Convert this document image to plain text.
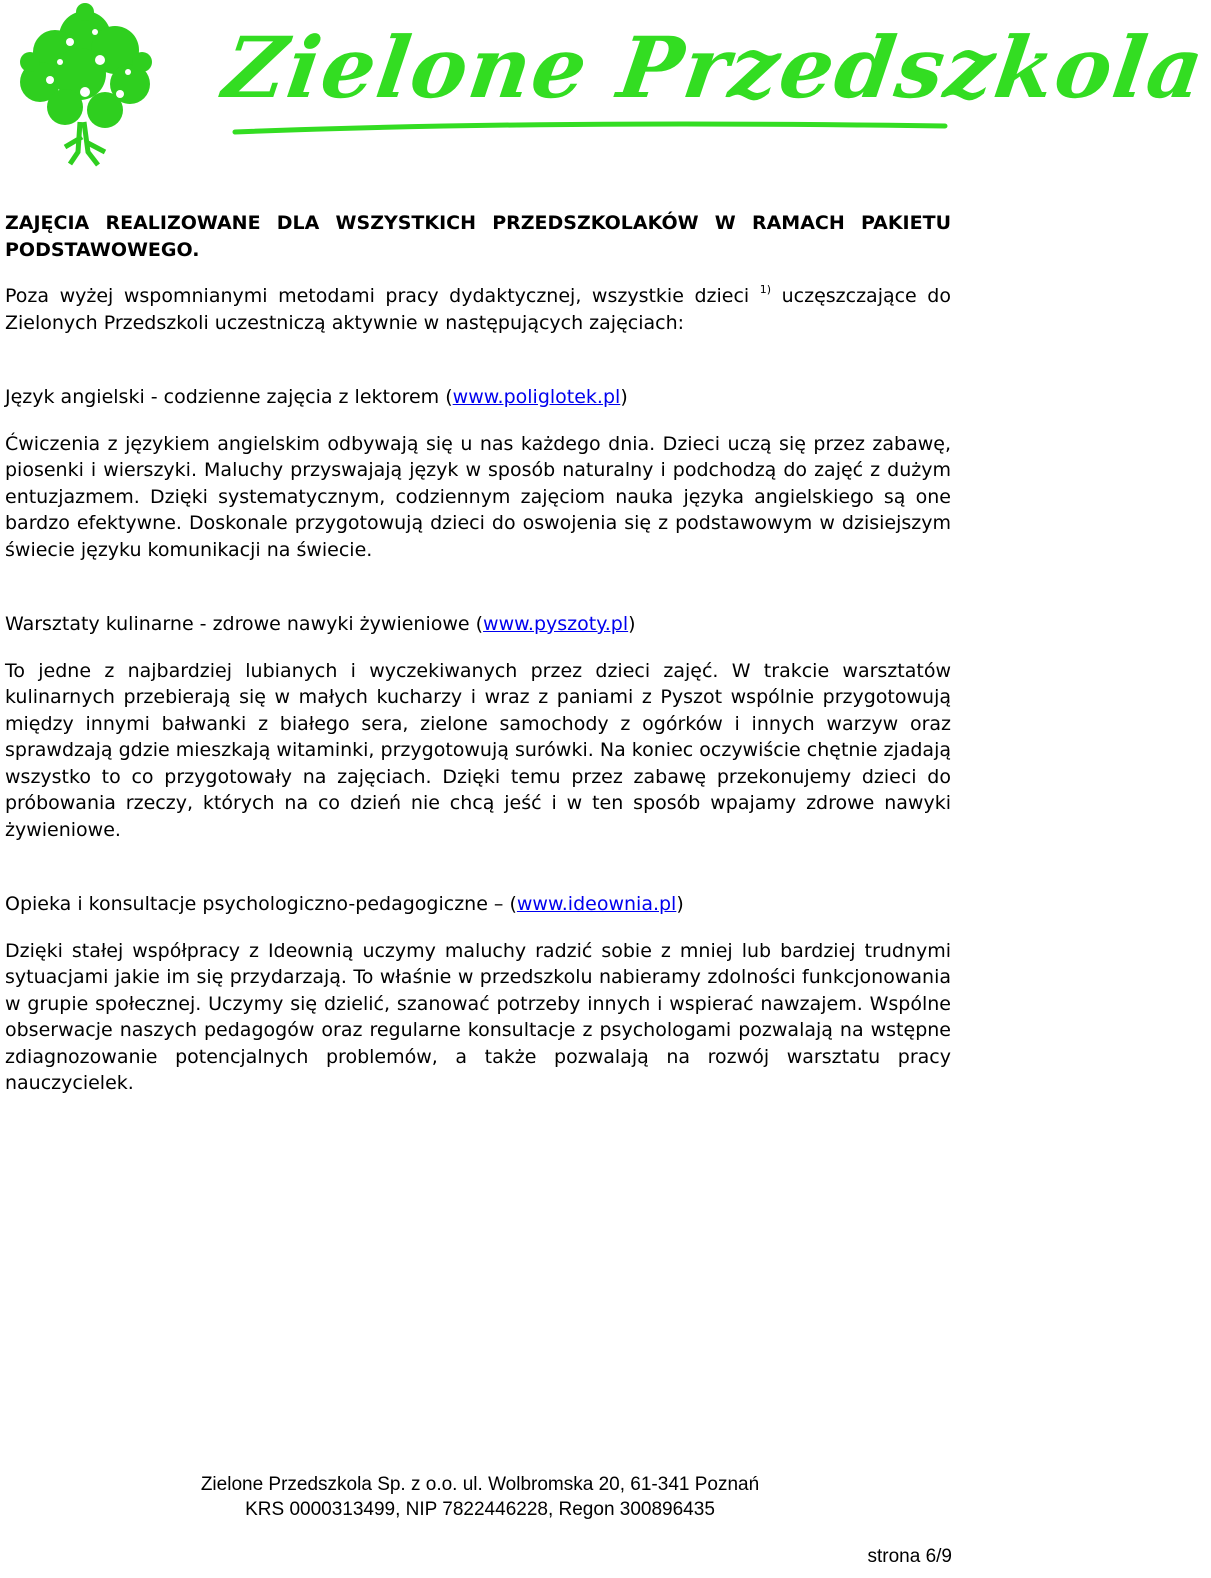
Zielone Przedszkola

ZAJĘCIA REALIZOWANE DLA WSZYSTKICH PRZEDSZKOLAKÓW W RAMACH PAKIETU PODSTAWOWEGO.

Poza wyżej wspomnianymi metodami pracy dydaktycznej, wszystkie dzieci $^{1)}$ uczęszczające do Zielonych Przedszkoli uczestniczą aktywnie w następujących zajęciach:

Język angielski - codzienne zajęcia z lektorem (www.poliglotek.pl)

Ćwiczenia z językiem angielskim odbywają się u nas każdego dnia. Dzieci uczą się przez zabawę, piosenki i wierszyki. Maluchy przyswajają język w sposób naturalny i podchodzą do zajęć z dużym entuzjazmem. Dzięki systematycznym, codziennym zajęciom nauka języka angielskiego są one bardzo efektywne. Doskonale przygotowują dzieci do oswojenia się z podstawowym w dzisiejszym świecie języku komunikacji na świecie.

Warsztaty kulinarne - zdrowe nawyki żywieniowe (www.pyszoty.pl)

To jedne z najbardziej lubianych i wyczekiwanych przez dzieci zajęć. W trakcie warsztatów kulinarnych przebierają się w małych kucharzy i wraz z paniami z Pyszot wspólnie przygotowują między innymi bałwanki z białego sera, zielone samochody z ogórków i innych warzyw oraz sprawdzają gdzie mieszkają witaminki, przygotowują surówki. Na koniec oczywiście chętnie zjadają wszystko to co przygotowały na zajęciach. Dzięki temu przez zabawę przekonujemy dzieci do próbowania rzeczy, których na co dzień nie chcą jeść i w ten sposób wpajamy zdrowe nawyki żywieniowe.

Opieka i konsultacje psychologiczno-pedagogiczne – (www.ideownia.pl)

Dzięki stałej współpracy z Ideownią uczymy maluchy radzić sobie z mniej lub bardziej trudnymi sytuacjami jakie im się przydarzają. To właśnie w przedszkolu nabieramy zdolności funkcjonowania w grupie społecznej. Uczymy się dzielić, szanować potrzeby innych i wspierać nawzajem. Wspólne obserwacje naszych pedagogów oraz regularne konsultacje z psychologami pozwalają na wstępne zdiagnozowanie potencjalnych problemów, a także pozwalają na rozwój warsztatu pracy nauczycielek.

Zielone Przedszkola Sp. z o.o. ul. Wolbromska 20, 61-341 Poznań
KRS 0000313499, NIP 7822446228, Regon 300896435
strona 6/9
